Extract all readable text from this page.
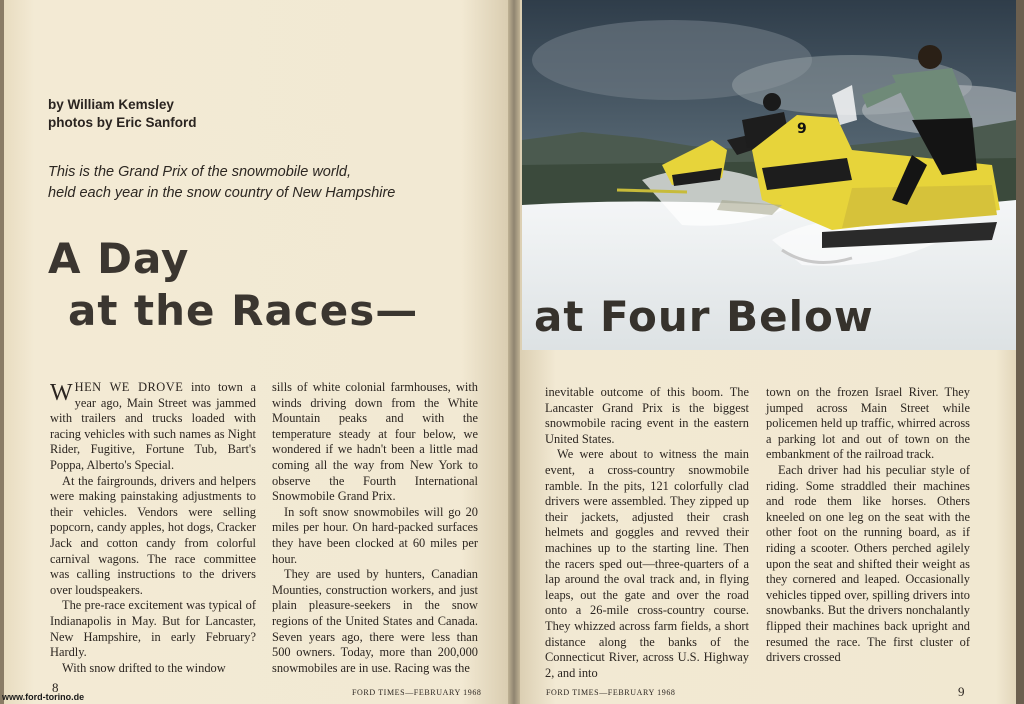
by William Kemsley
photos by Eric Sanford
This is the Grand Prix of the snowmobile world,
held each year in the snow country of New Hampshire
A Day
at the Races—
9
at Four Below

WHEN WE DROVE into town a year ago, Main Street was jammed with trailers and trucks loaded with racing vehicles with such names as Night Rider, Fugitive, Fortune Tub, Bart's Poppa, Alberto's Special.

At the fairgrounds, drivers and helpers were making painstaking adjustments to their vehicles. Vendors were selling popcorn, candy apples, hot dogs, Cracker Jack and cotton candy from colorful carnival wagons. The race committee was calling instructions to the drivers over loudspeakers.

The pre-race excitement was typical of Indianapolis in May. But for Lancaster, New Hampshire, in early February? Hardly.

With snow drifted to the window

sills of white colonial farmhouses, with winds driving down from the White Mountain peaks and with the temperature steady at four below, we wondered if we hadn't been a little mad coming all the way from New York to observe the Fourth International Snowmobile Grand Prix.

In soft snow snowmobiles will go 20 miles per hour. On hard-packed surfaces they have been clocked at 60 miles per hour.

They are used by hunters, Canadian Mounties, construction workers, and just plain pleasure-seekers in the snow regions of the United States and Canada. Seven years ago, there were less than 500 owners. Today, more than 200,000 snowmobiles are in use. Racing was the

inevitable outcome of this boom. The Lancaster Grand Prix is the biggest snowmobile racing event in the eastern United States.

We were about to witness the main event, a cross-country snowmobile ramble. In the pits, 121 colorfully clad drivers were assembled. They zipped up their jackets, adjusted their crash helmets and goggles and revved their machines up to the starting line. Then the racers sped out—three-quarters of a lap around the oval track and, in flying leaps, out the gate and over the road onto a 26-mile cross-country course. They whizzed across farm fields, a short distance along the banks of the Connecticut River, across U.S. Highway 2, and into

town on the frozen Israel River. They jumped across Main Street while policemen held up traffic, whirred across a parking lot and out of town on the embankment of the railroad track.

Each driver had his peculiar style of riding. Some straddled their machines and rode them like horses. Others kneeled on one leg on the seat with the other foot on the running board, as if riding a scooter. Others perched agilely upon the seat and shifted their weight as they cornered and leaped. Occasionally vehicles tipped over, spilling drivers into snowbanks. But the drivers nonchalantly flipped their machines back upright and resumed the race. The first cluster of drivers crossed

8	FORD TIMES—FEBRUARY 1968	FORD TIMES—FEBRUARY 1968	9
www.ford-torino.de
